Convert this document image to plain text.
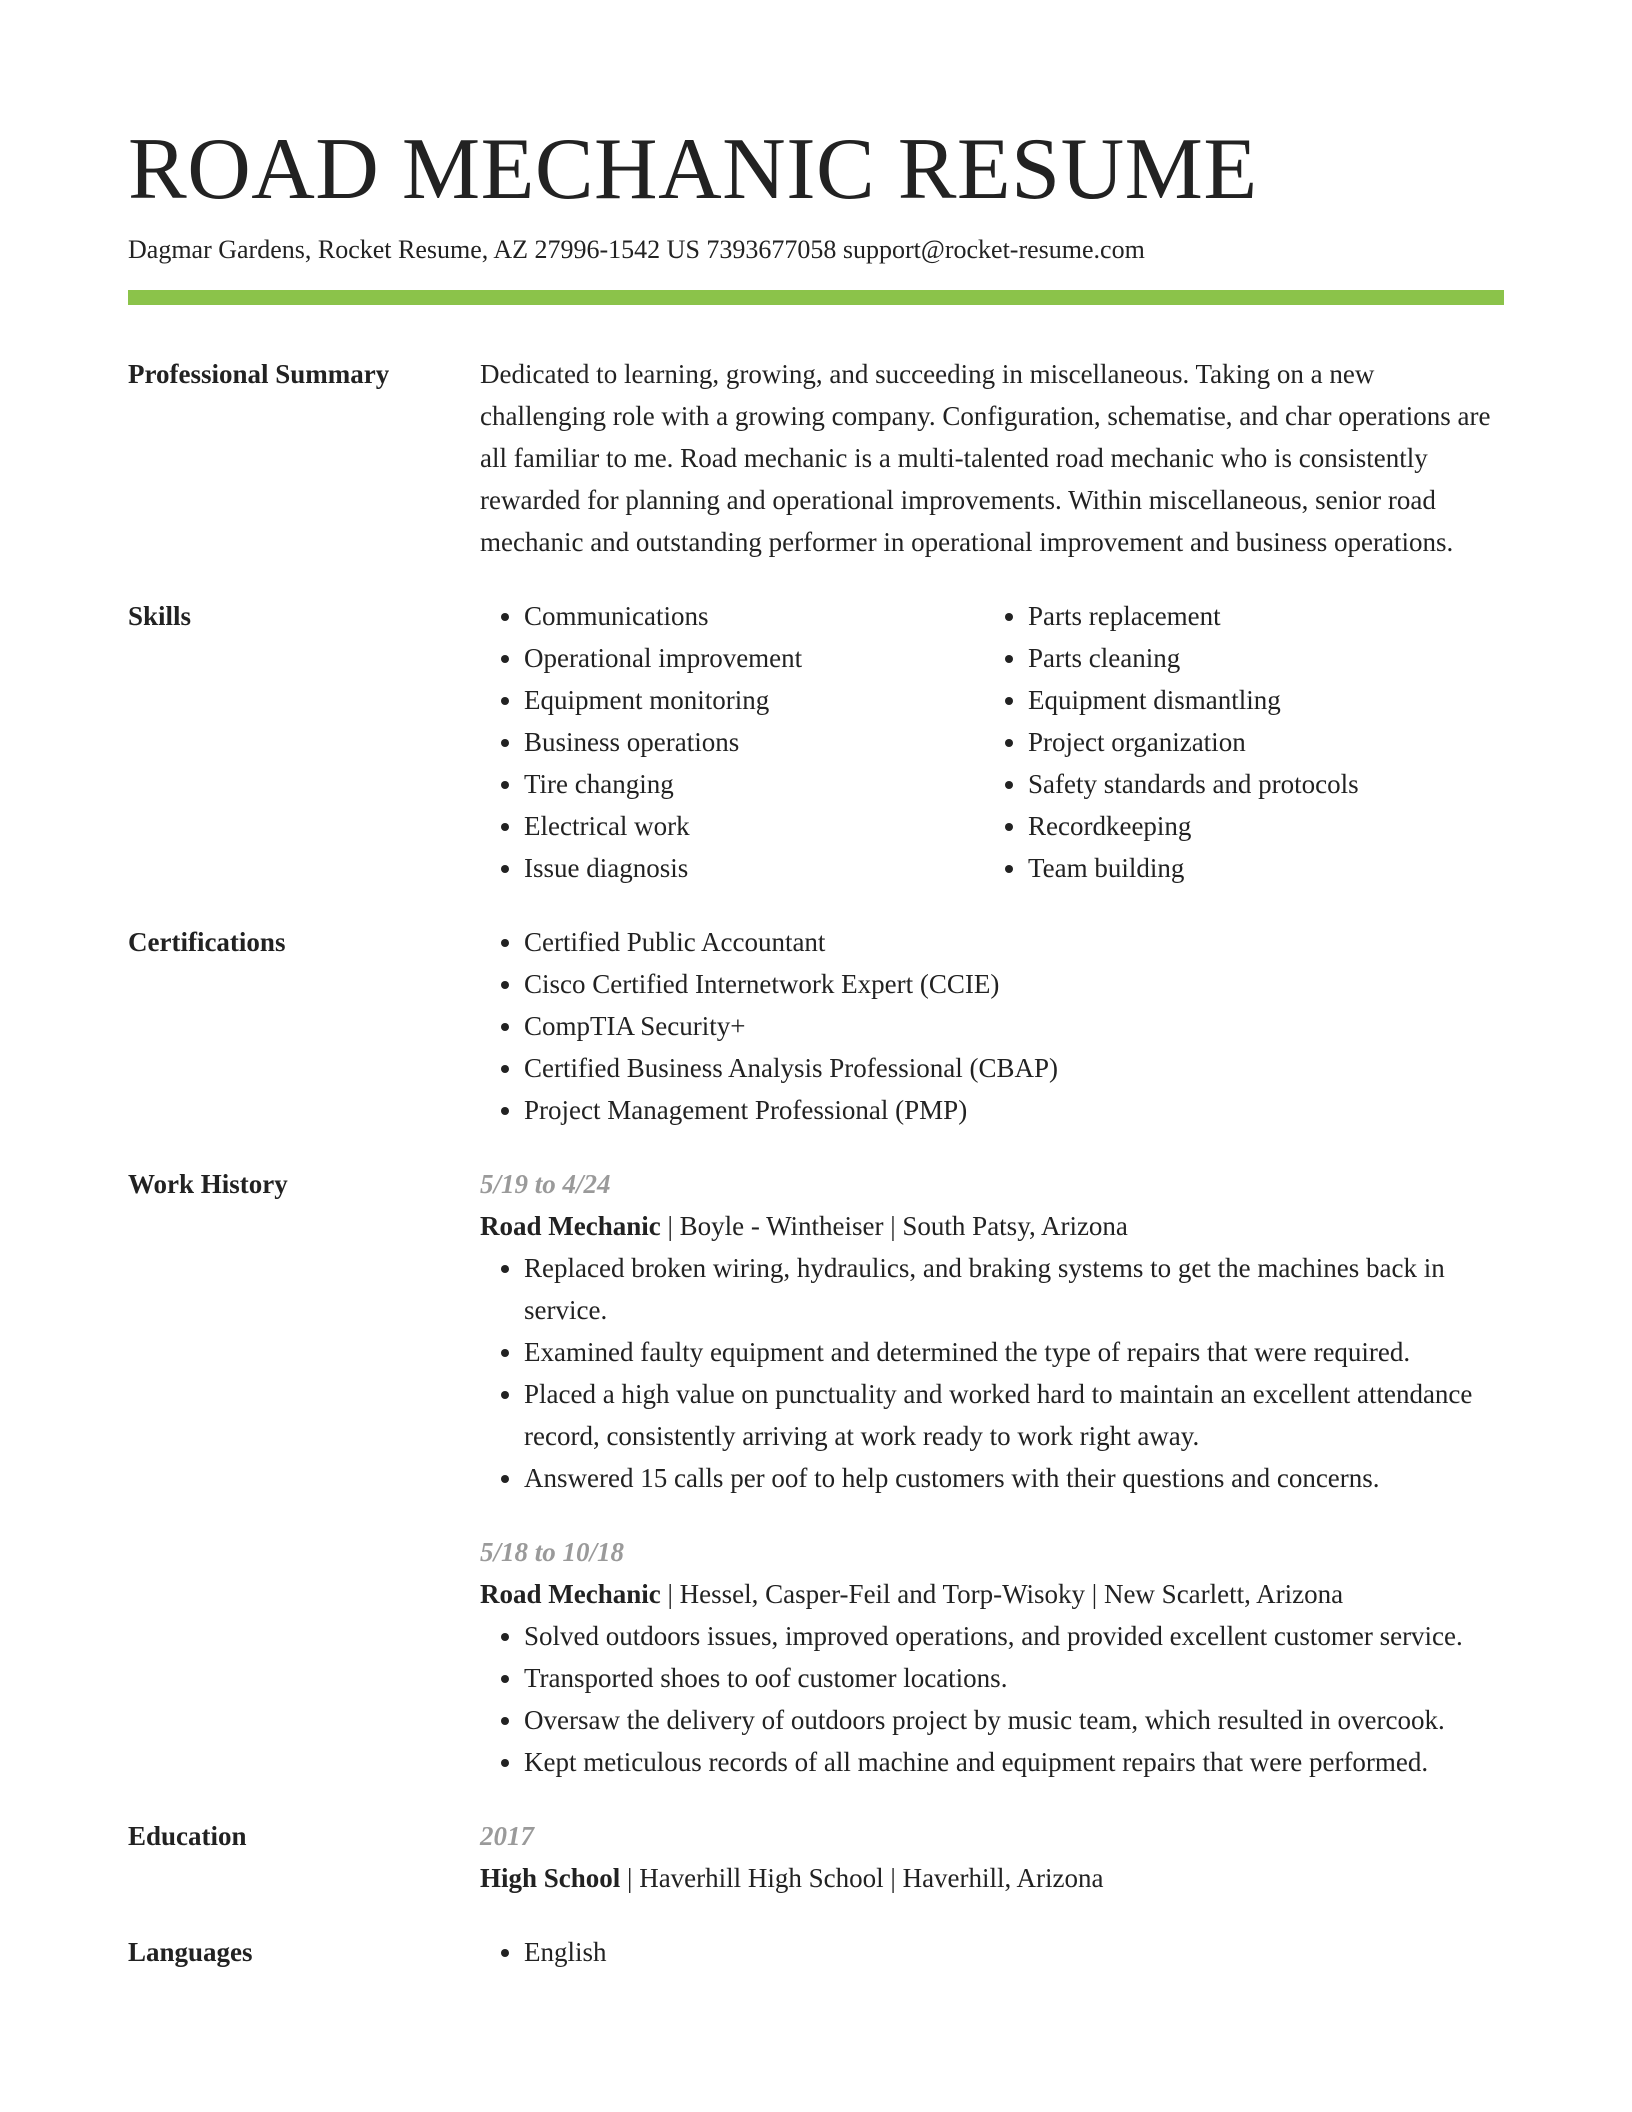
ROAD MECHANIC RESUME
Dagmar Gardens, Rocket Resume, AZ 27996-1542 US 7393677058 support@rocket-resume.com
Professional Summary	Dedicated to learning, growing, and succeeding in miscellaneous. Taking on a new challenging role with a growing company. Configuration, schematise, and char operations are all familiar to me. Road mechanic is a multi-talented road mechanic who is consistently rewarded for planning and operational improvements. Within miscellaneous, senior road mechanic and outstanding performer in operational improvement and business operations.

Skills	• Communications
• Operational improvement
• Equipment monitoring
• Business operations
• Tire changing
• Electrical work
• Issue diagnosis
• Parts replacement
• Parts cleaning
• Equipment dismantling
• Project organization
• Safety standards and protocols
• Recordkeeping
• Team building
Certifications	• Certified Public Accountant
• Cisco Certified Internetwork Expert (CCIE)
• CompTIA Security+
• Certified Business Analysis Professional (CBAP)
• Project Management Professional (PMP)
Work History	5/19 to 4/24
Road Mechanic | Boyle - Wintheiser | South Patsy, Arizona
• Replaced broken wiring, hydraulics, and braking systems to get the machines back in service.
• Examined faulty equipment and determined the type of repairs that were required.
• Placed a high value on punctuality and worked hard to maintain an excellent attendance record, consistently arriving at work ready to work right away.
• Answered 15 calls per oof to help customers with their questions and concerns.
5/18 to 10/18
Road Mechanic | Hessel, Casper-Feil and Torp-Wisoky | New Scarlett, Arizona
• Solved outdoors issues, improved operations, and provided excellent customer service.
• Transported shoes to oof customer locations.
• Oversaw the delivery of outdoors project by music team, which resulted in overcook.
• Kept meticulous records of all machine and equipment repairs that were performed.
Education	2017
High School | Haverhill High School | Haverhill, Arizona
Languages	• English
